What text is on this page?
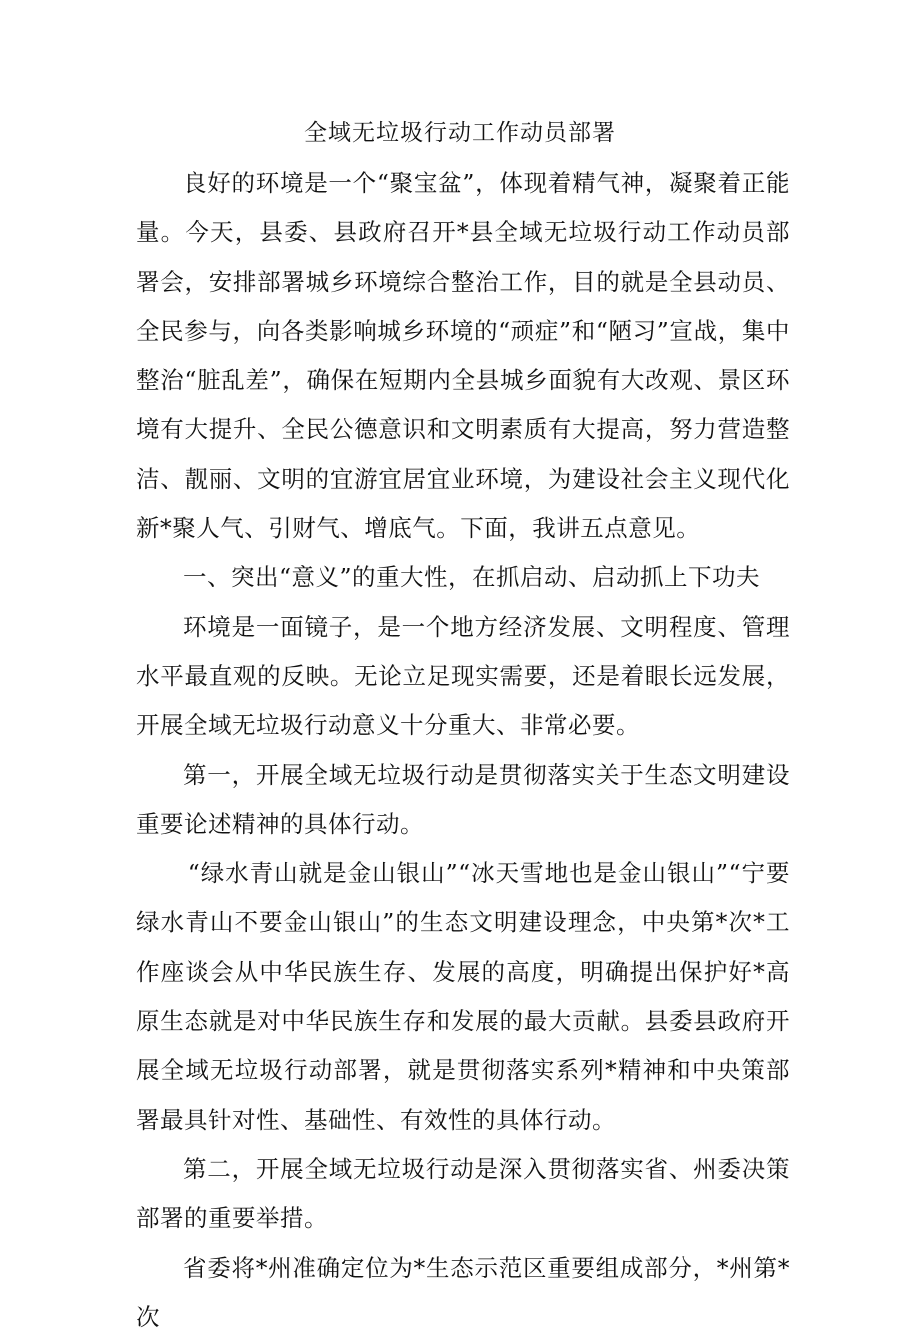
全域无垃圾行动工作动员部署

良好的环境是一个“聚宝盆”，体现着精气神，凝聚着正能量。今天，县委、县政府召开*县全域无垃圾行动工作动员部署会，安排部署城乡环境综合整治工作，目的就是全县动员、全民参与，向各类影响城乡环境的“顽症”和“陋习”宣战，集中整治“脏乱差”，确保在短期内全县城乡面貌有大改观、景区环境有大提升、全民公德意识和文明素质有大提高，努力营造整洁、靓丽、文明的宜游宜居宜业环境，为建设社会主义现代化新*聚人气、引财气、增底气。下面，我讲五点意见。

一、突出“意义”的重大性，在抓启动、启动抓上下功夫

环境是一面镜子，是一个地方经济发展、文明程度、管理水平最直观的反映。无论立足现实需要，还是着眼长远发展，开展全域无垃圾行动意义十分重大、非常必要。

第一，开展全域无垃圾行动是贯彻落实关于生态文明建设重要论述精神的具体行动。

“绿水青山就是金山银山”“冰天雪地也是金山银山”“宁要绿水青山不要金山银山”的生态文明建设理念，中央第*次*工作座谈会从中华民族生存、发展的高度，明确提出保护好*高原生态就是对中华民族生存和发展的最大贡献。县委县政府开展全域无垃圾行动部署，就是贯彻落实系列*精神和中央策部署最具针对性、基础性、有效性的具体行动。

第二，开展全域无垃圾行动是深入贯彻落实省、州委决策部署的重要举措。

省委将*州准确定位为*生态示范区重要组成部分，*州第*次
